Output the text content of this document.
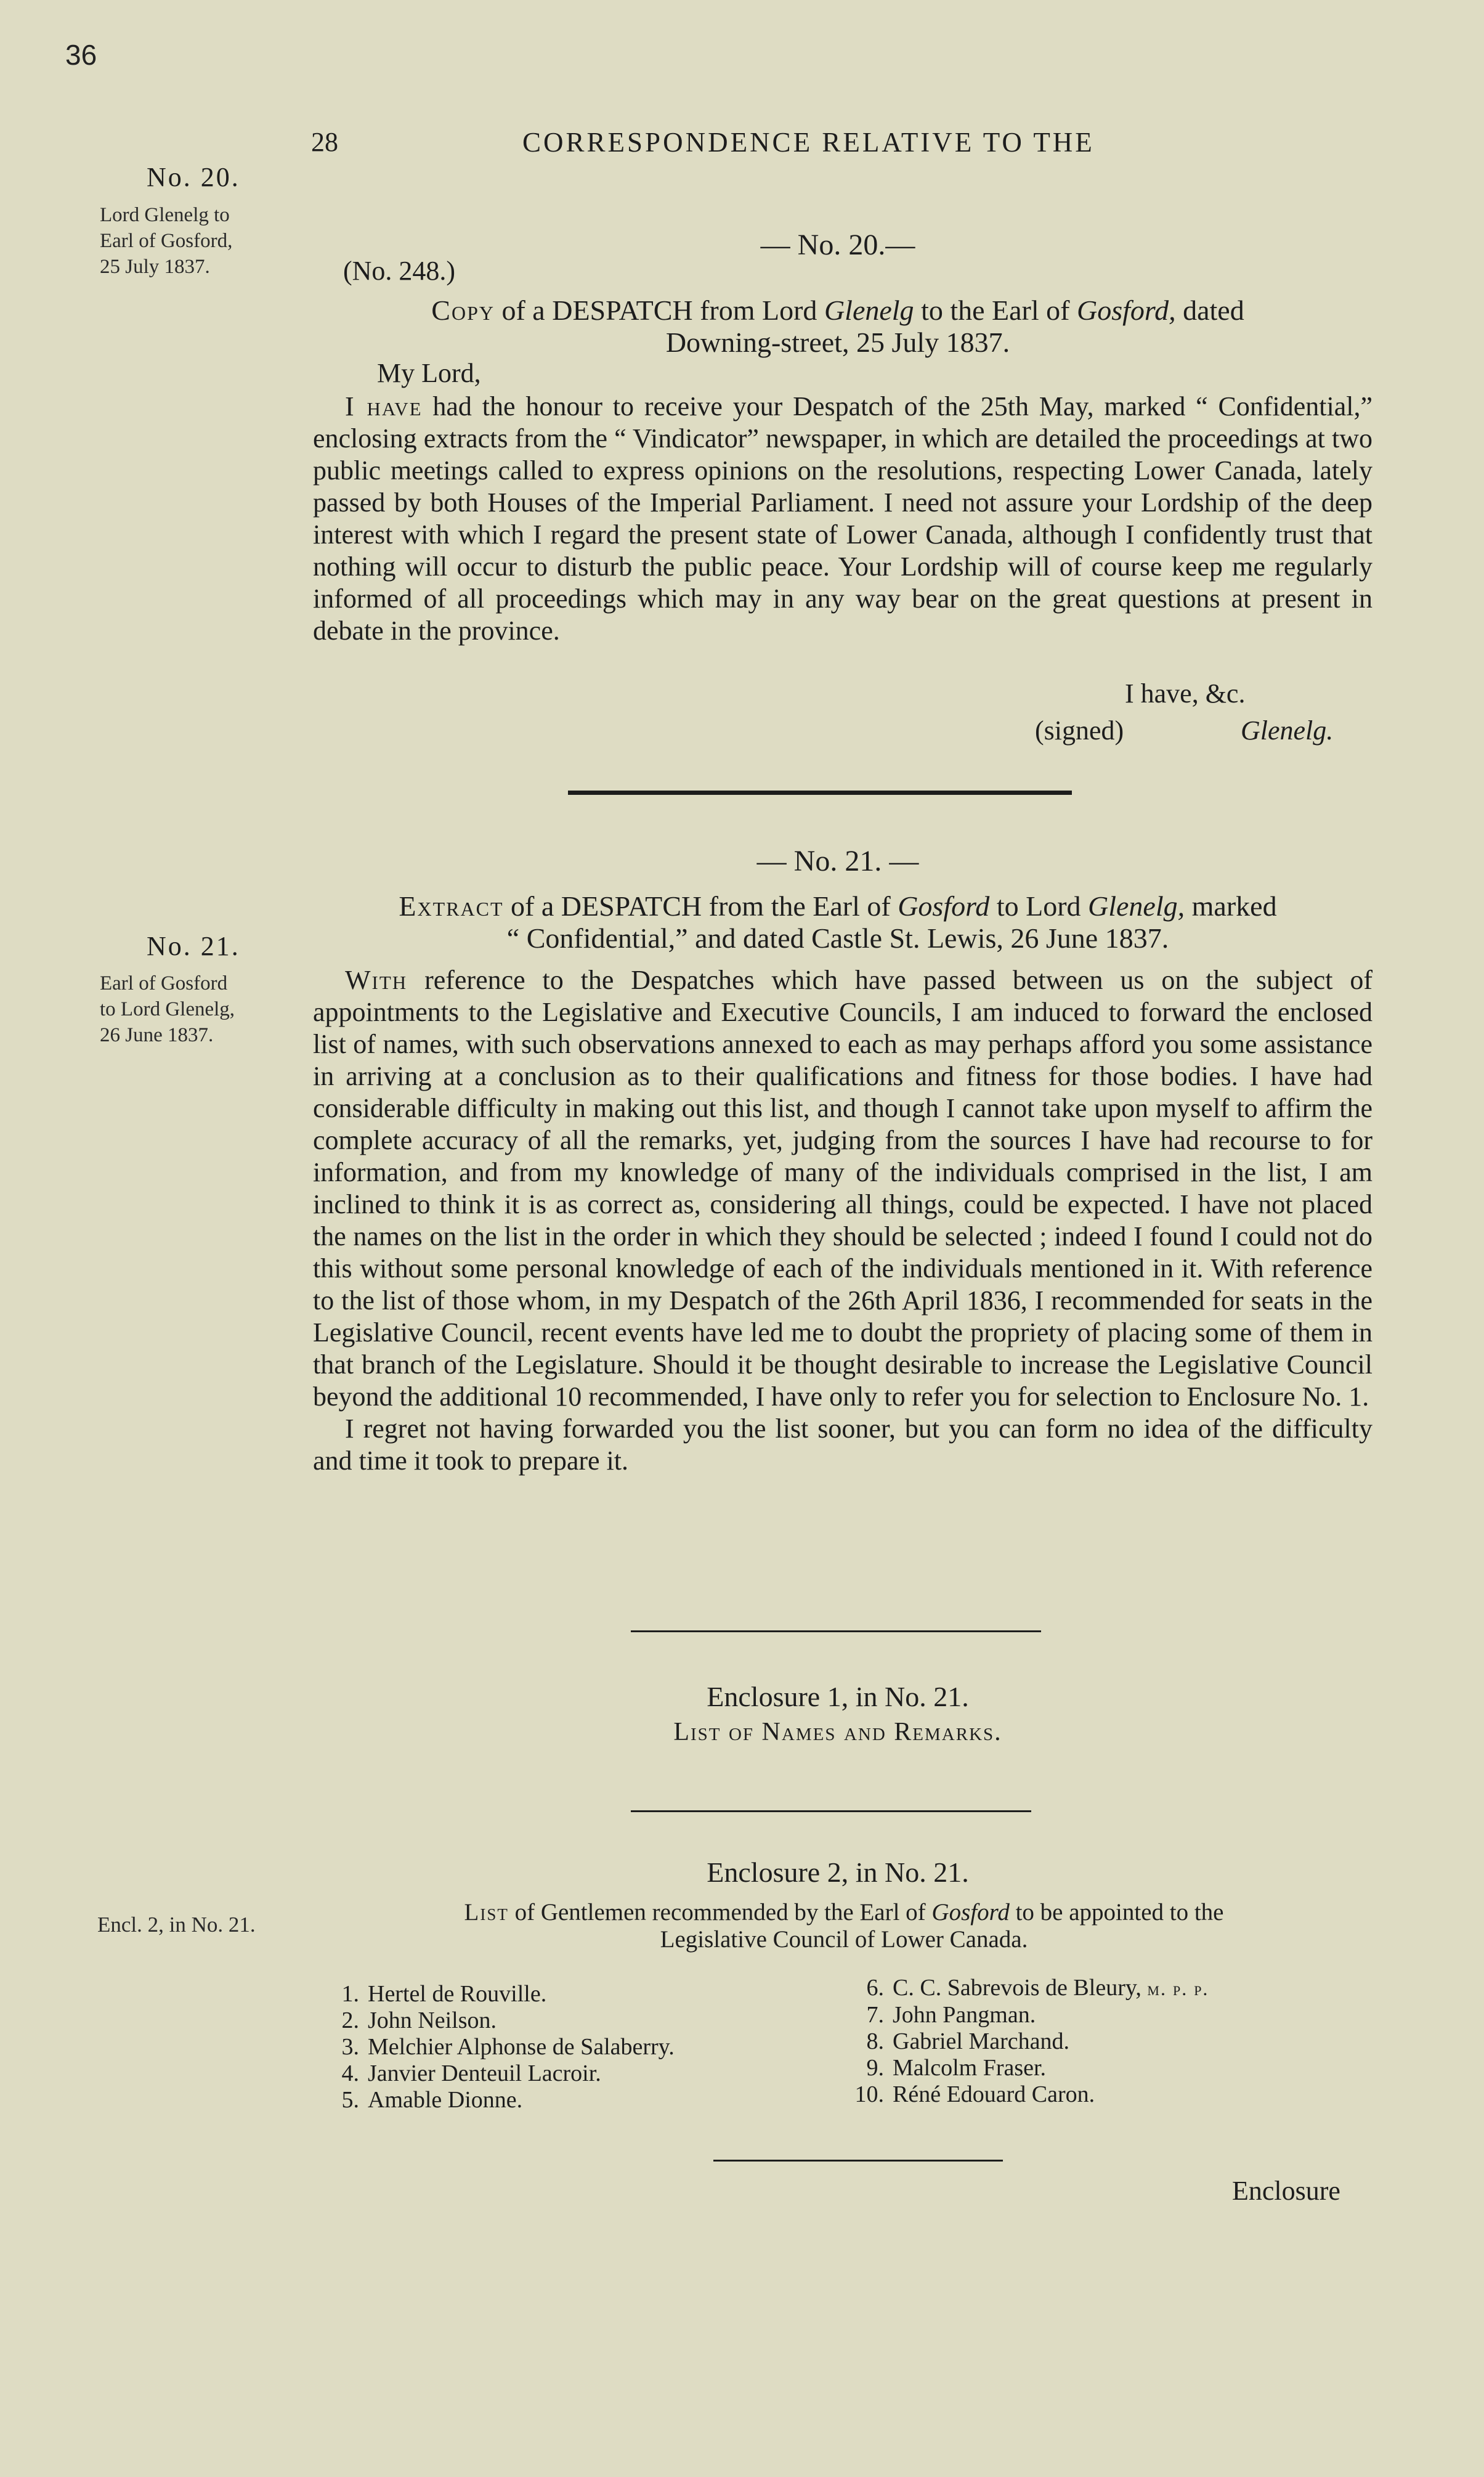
36
28	CORRESPONDENCE RELATIVE TO THE
No. 20.
Lord Glenelg to
Earl of Gosford,
25 July 1837.
— No. 20.—
(No. 248.)
Copy of a DESPATCH from Lord Glenelg to the Earl of Gosford, dated
Downing-street, 25 July 1837.
My Lord,

I have had the honour to receive your Despatch of the 25th May, marked “ Confidential,” enclosing extracts from the “ Vindicator” newspaper, in which are detailed the proceedings at two public meetings called to express opinions on the resolutions, respecting Lower Canada, lately passed by both Houses of the Imperial Parliament. I need not assure your Lordship of the deep interest with which I regard the present state of Lower Canada, although I confidently trust that nothing will occur to disturb the public peace. Your Lordship will of course keep me regularly informed of all proceedings which may in any way bear on the great questions at present in debate in the province.

I have, &c.
(signed)	Glenelg.
No. 21.
Earl of Gosford
to Lord Glenelg,
26 June 1837.
— No. 21. —
Extract of a DESPATCH from the Earl of Gosford to Lord Glenelg, marked
“ Confidential,” and dated Castle St. Lewis, 26 June 1837.

With reference to the Despatches which have passed between us on the subject of appointments to the Legislative and Executive Councils, I am induced to forward the enclosed list of names, with such observations annexed to each as may perhaps afford you some assistance in arriving at a conclusion as to their qualifications and fitness for those bodies. I have had considerable difficulty in making out this list, and though I cannot take upon myself to affirm the complete accuracy of all the remarks, yet, judging from the sources I have had recourse to for information, and from my knowledge of many of the individuals comprised in the list, I am inclined to think it is as correct as, considering all things, could be expected. I have not placed the names on the list in the order in which they should be selected ; indeed I found I could not do this without some personal knowledge of each of the individuals mentioned in it. With reference to the list of those whom, in my Despatch of the 26th April 1836, I recommended for seats in the Legislative Council, recent events have led me to doubt the propriety of placing some of them in that branch of the Legislature. Should it be thought desirable to increase the Legislative Council beyond the additional 10 recommended, I have only to refer you for selection to Enclosure No. 1.

I regret not having forwarded you the list sooner, but you can form no idea of the difficulty and time it took to prepare it.

Enclosure 1, in No. 21.
List of Names and Remarks.
Encl. 2, in No. 21.
Enclosure 2, in No. 21.
List of Gentlemen recommended by the Earl of Gosford to be appointed to the
Legislative Council of Lower Canada.
1. Hertel de Rouville.
2. John Neilson.
3. Melchier Alphonse de Salaberry.
4. Janvier Denteuil Lacroir.
5. Amable Dionne.
6. C. C. Sabrevois de Bleury, m. p. p.
7. John Pangman.
8. Gabriel Marchand.
9. Malcolm Fraser.
10. Réné Edouard Caron.
Enclosure
